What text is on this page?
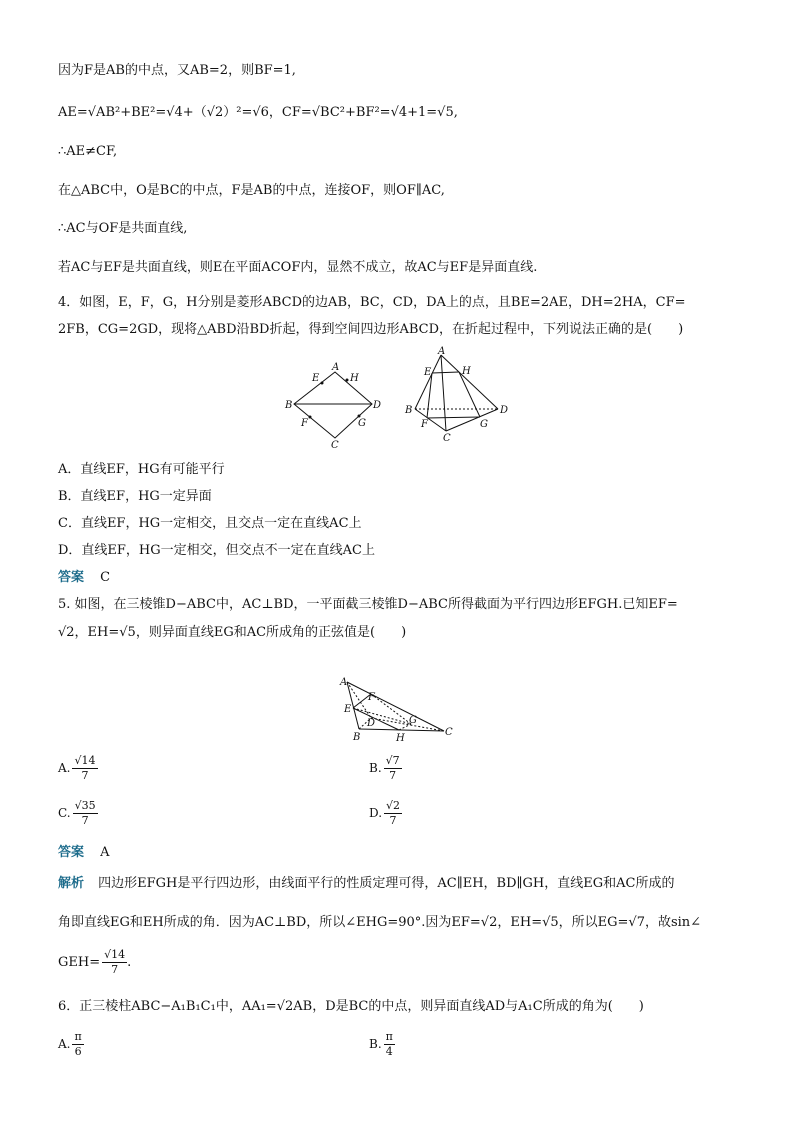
因为F是AB的中点，又AB=2，则BF=1,
AE=√AB²+BE²=√4+（√2）²=√6，CF=√BC²+BF²=√4+1=√5,
∴AE≠CF,
在△ABC中，O是BC的中点，F是AB的中点，连接OF，则OF∥AC,
∴AC与OF是共面直线,
若AC与EF是共面直线，则E在平面ACOF内，显然不成立，故AC与EF是异面直线.
4．如图，E，F，G，H分别是菱形ABCD的边AB，BC，CD，DA上的点，且BE=2AE，DH=2HA，CF=
2FB，CG=2GD，现将△ABD沿BD折起，得到空间四边形ABCD，在折起过程中，下列说法正确的是(　　)
A
E	H
B	D
F	G
C
A
E	H
B	D
F
C
G
A．直线EF，HG有可能平行
B．直线EF，HG一定异面
C．直线EF，HG一定相交，且交点一定在直线AC上
D．直线EF，HG一定相交，但交点不一定在直线AC上
答案 C
5. 如图，在三棱锥D−ABC中，AC⊥BD，一平面截三棱锥D−ABC所得截面为平行四边形EFGH.已知EF=
√2，EH=√5，则异面直线EG和AC所成角的正弦值是(　　)
A
F
E
D	G
B	H
C
A. $\frac{√14}{7}$	B. $\frac{√7}{7}$
C. $\frac{√35}{7}$	D. $\frac{√2}{7}$
答案 A
解析 四边形EFGH是平行四边形，由线面平行的性质定理可得，AC∥EH，BD∥GH，直线EG和AC所成的
角即直线EG和EH所成的角．因为AC⊥BD，所以∠EHG=90°.因为EF=√2，EH=√5，所以EG=√7，故sin∠
$GEH= \frac{√14}{7}$ .
6．正三棱柱ABC−A₁B₁C₁中，AA₁=√2AB，D是BC的中点，则异面直线AD与A₁C所成的角为(　　)
A. $\frac{\pi}{6}$	B. $\frac{\pi}{4}$
